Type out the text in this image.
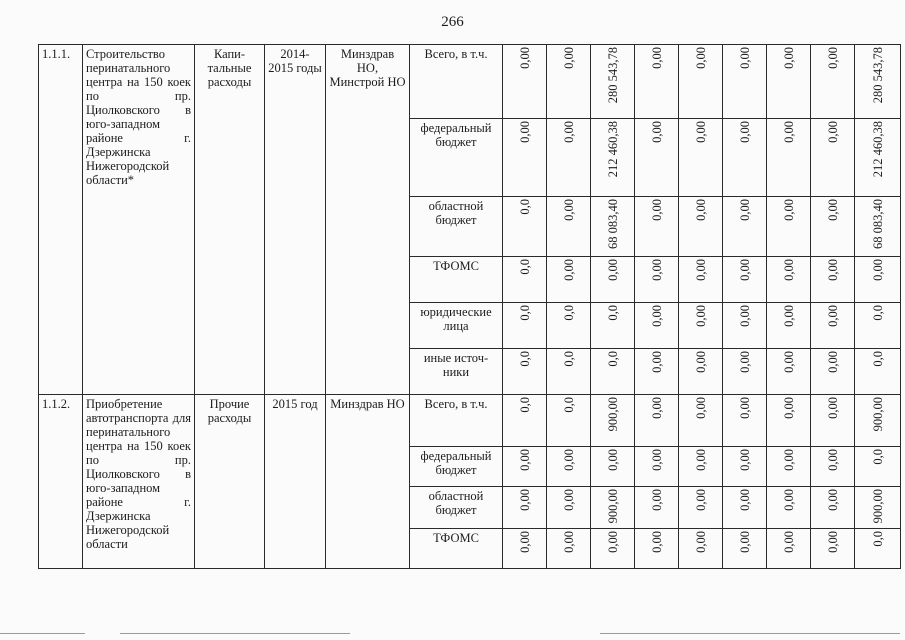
266
1.1.1.	Строительство перинатального центра на 150 коек по пр. Циолковского в юго-западном районе г. Дзержинска Нижегородской области*	Капи-тальные расходы	2014-2015 годы	Минздрав НО, Минстрой НО	Всего, в т.ч.	0,00	0,00	280 543,78	0,00	0,00	0,00	0,00	0,00	280 543,78

					федеральный бюджет	0,00	0,00	212 460,38	0,00	0,00	0,00	0,00	0,00	212 460,38

					областной бюджет	0,0	0,00	68 083,40	0,00	0,00	0,00	0,00	0,00	68 083,40

					ТФОМС	0,0	0,00	0,00	0,00	0,00	0,00	0,00	0,00	0,00

					юридические лица	0,0	0,0	0,0	0,00	0,00	0,00	0,00	0,00	0,0

					иные источ-ники	0,0	0,0	0,0	0,00	0,00	0,00	0,00	0,00	0,0

1.1.2.	Приобретение автотранспорта для перинатального центра на 150 коек по пр. Циолковского в юго-западном районе г. Дзержинска Нижегородской области	Прочие расходы	2015 год	Минздрав НО	Всего, в т.ч.	0,0	0,0	900,00	0,00	0,00	0,00	0,00	0,00	900,00

					федеральный бюджет	0,00	0,00	0,00	0,00	0,00	0,00	0,00	0,00	0,0

					областной бюджет	0,00	0,00	900,00	0,00	0,00	0,00	0,00	0,00	900,00

					ТФОМС	0,00	0,00	0,00	0,00	0,00	0,00	0,00	0,00	0,0
